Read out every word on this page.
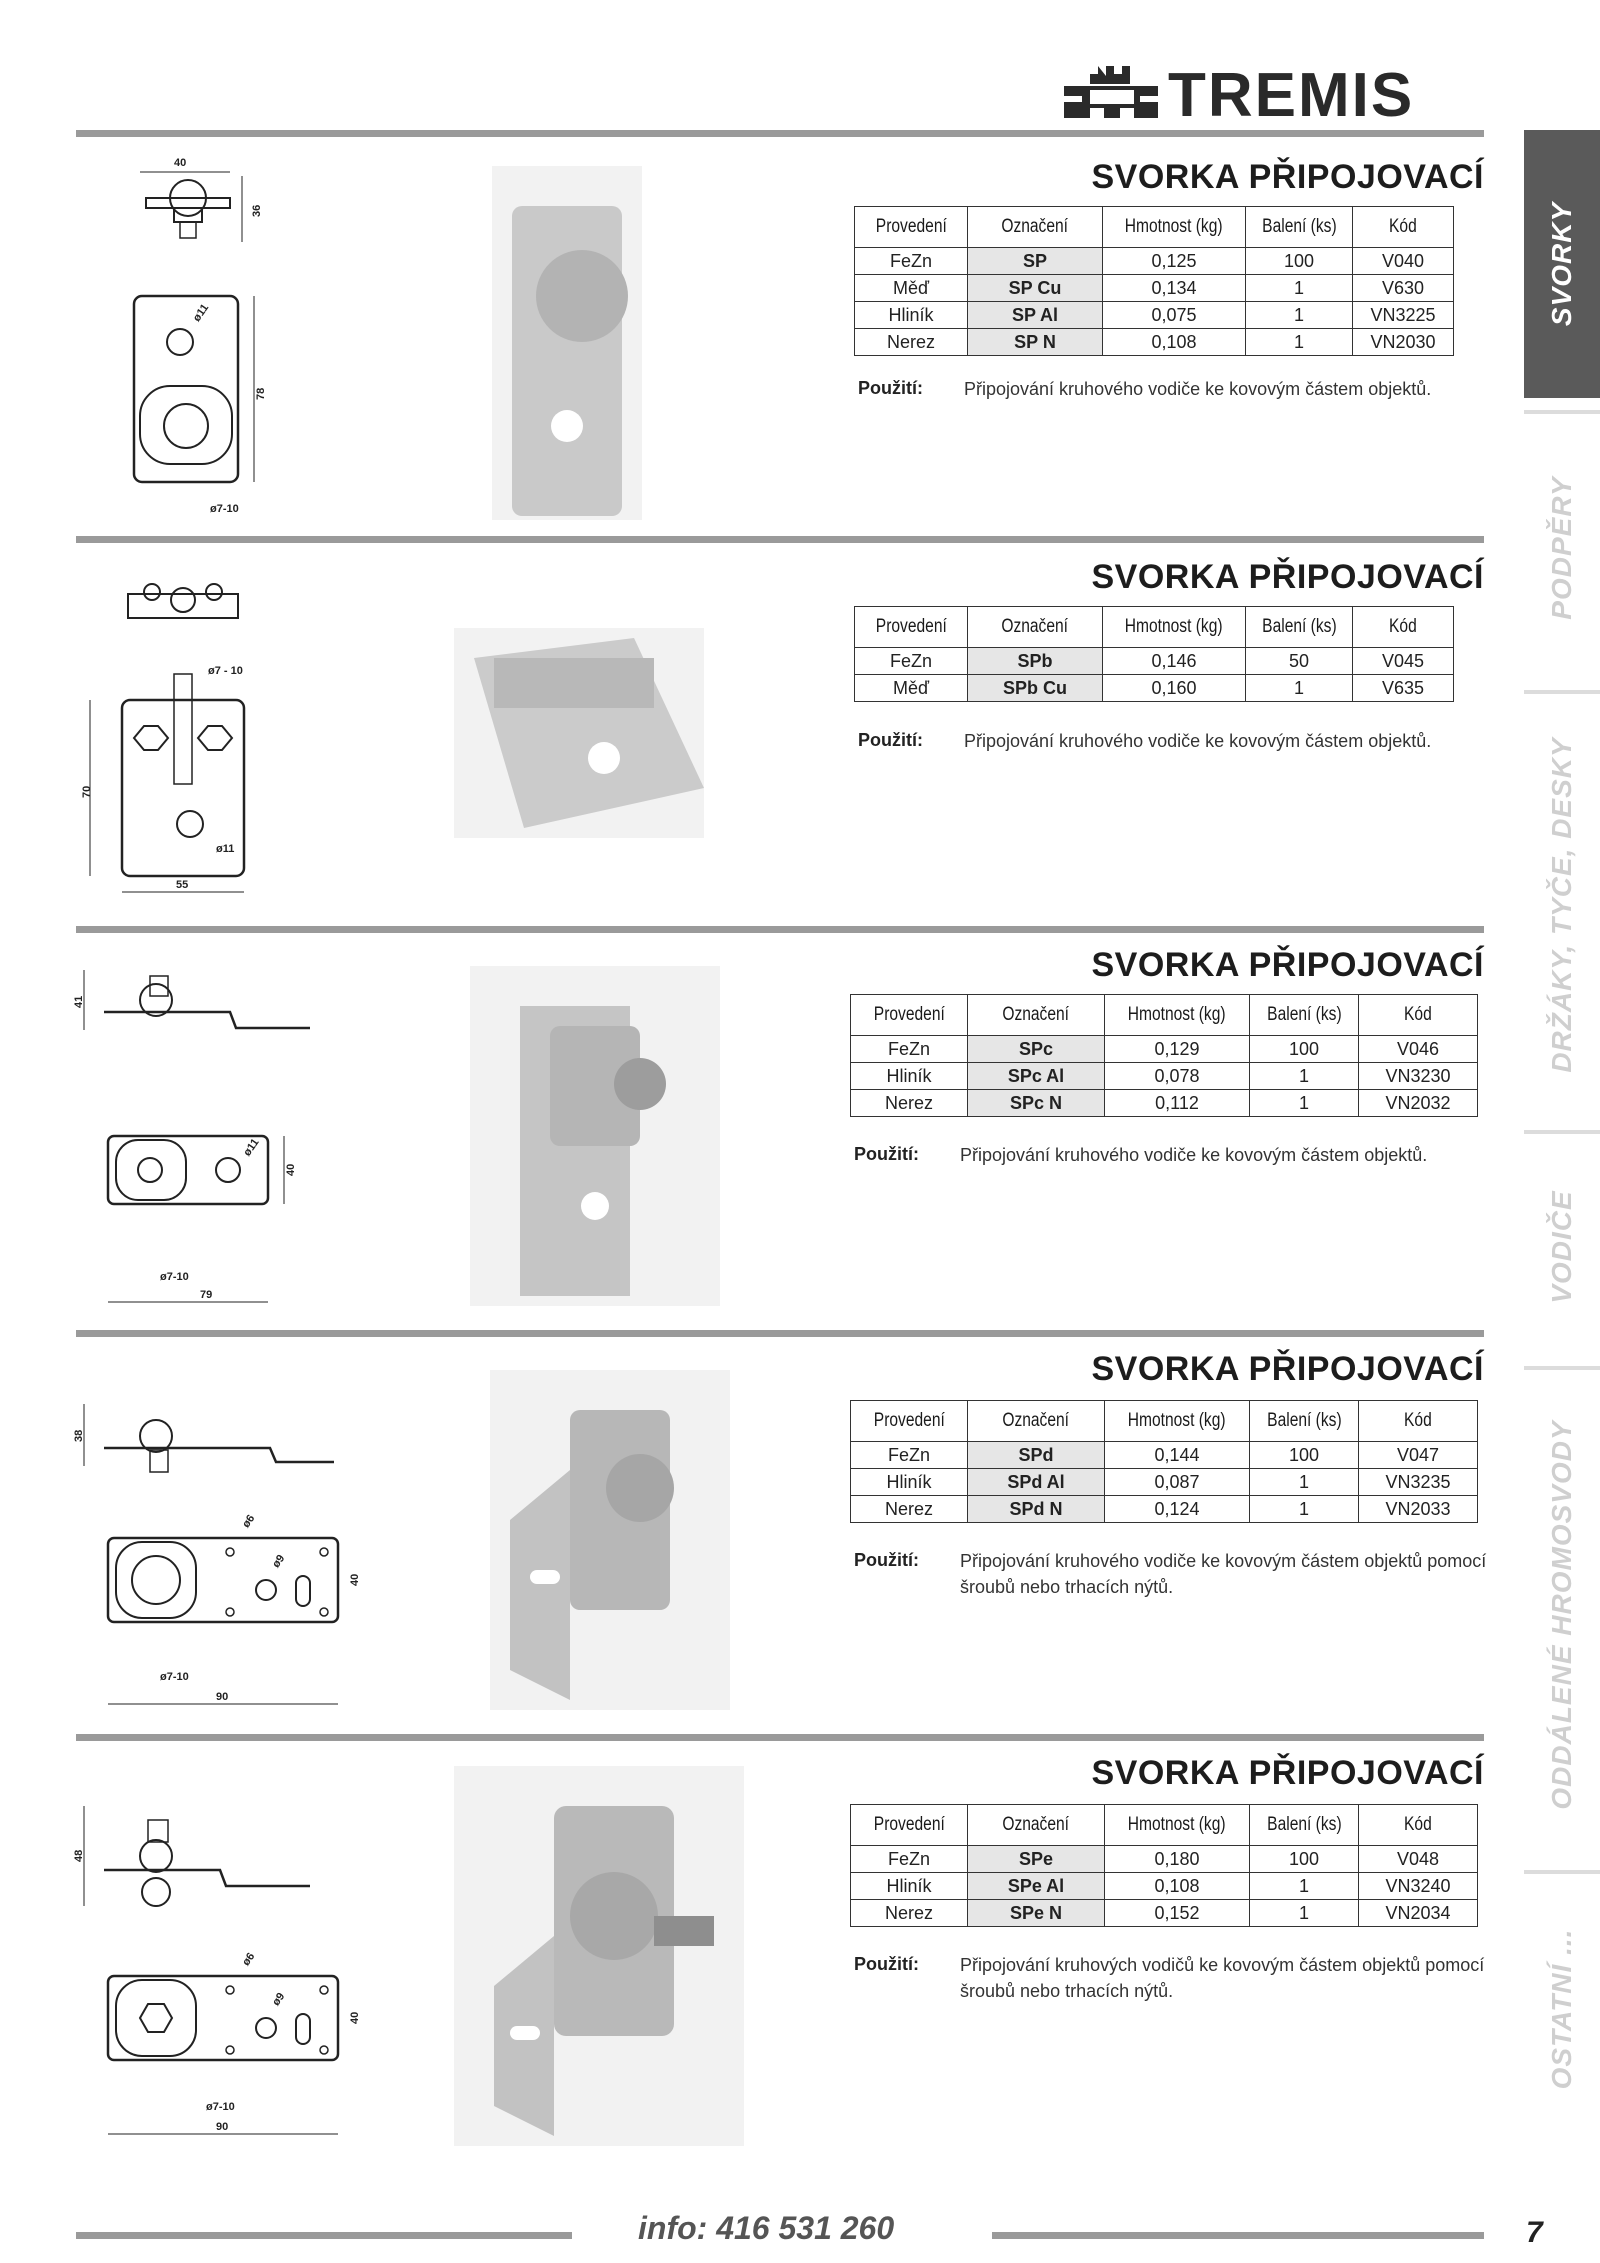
TREMIS
40
36
ø11
78
ø7-10
SVORKA PŘIPOJOVACÍ
Provedení	Označení	Hmotnost (kg)	Balení (ks)	Kód
FeZn	SP	0,125	100	V040
Měď	SP Cu	0,134	1	V630
Hliník	SP Al	0,075	1	VN3225
Nerez	SP N	0,108	1	VN2030
Použití: Připojování kruhového vodiče ke kovovým částem objektů.
ø7 - 10
70
ø11
55
SVORKA PŘIPOJOVACÍ
Provedení	Označení	Hmotnost (kg)	Balení (ks)	Kód
FeZn	SPb	0,146	50	V045
Měď	SPb Cu	0,160	1	V635
Použití: Připojování kruhového vodiče ke kovovým částem objektů.
41
ø11
40
ø7-10
79
SVORKA PŘIPOJOVACÍ
Provedení	Označení	Hmotnost (kg)	Balení (ks)	Kód
FeZn	SPc	0,129	100	V046
Hliník	SPc Al	0,078	1	VN3230
Nerez	SPc N	0,112	1	VN2032
Použití: Připojování kruhového vodiče ke kovovým částem objektů.
38
ø6
ø9
40
ø7-10
90
SVORKA PŘIPOJOVACÍ
Provedení	Označení	Hmotnost (kg)	Balení (ks)	Kód
FeZn	SPd	0,144	100	V047
Hliník	SPd Al	0,087	1	VN3235
Nerez	SPd N	0,124	1	VN2033
Použití: Připojování kruhového vodiče ke kovovým částem objektů pomocí šroubů nebo trhacích nýtů.
48
ø6
ø9
40
ø7-10
90
SVORKA PŘIPOJOVACÍ
Provedení	Označení	Hmotnost (kg)	Balení (ks)	Kód
FeZn	SPe	0,180	100	V048
Hliník	SPe Al	0,108	1	VN3240
Nerez	SPe N	0,152	1	VN2034
Použití: Připojování kruhových vodičů ke kovovým částem objektů pomocí šroubů nebo trhacích nýtů.
SVORKY
PODPĚRY
DRŽÁKY, TYČE, DESKY
VODIČE
ODDÁLENÉ HROMOSVODY
OSTATNÍ ...
info: 416 531 260	7
